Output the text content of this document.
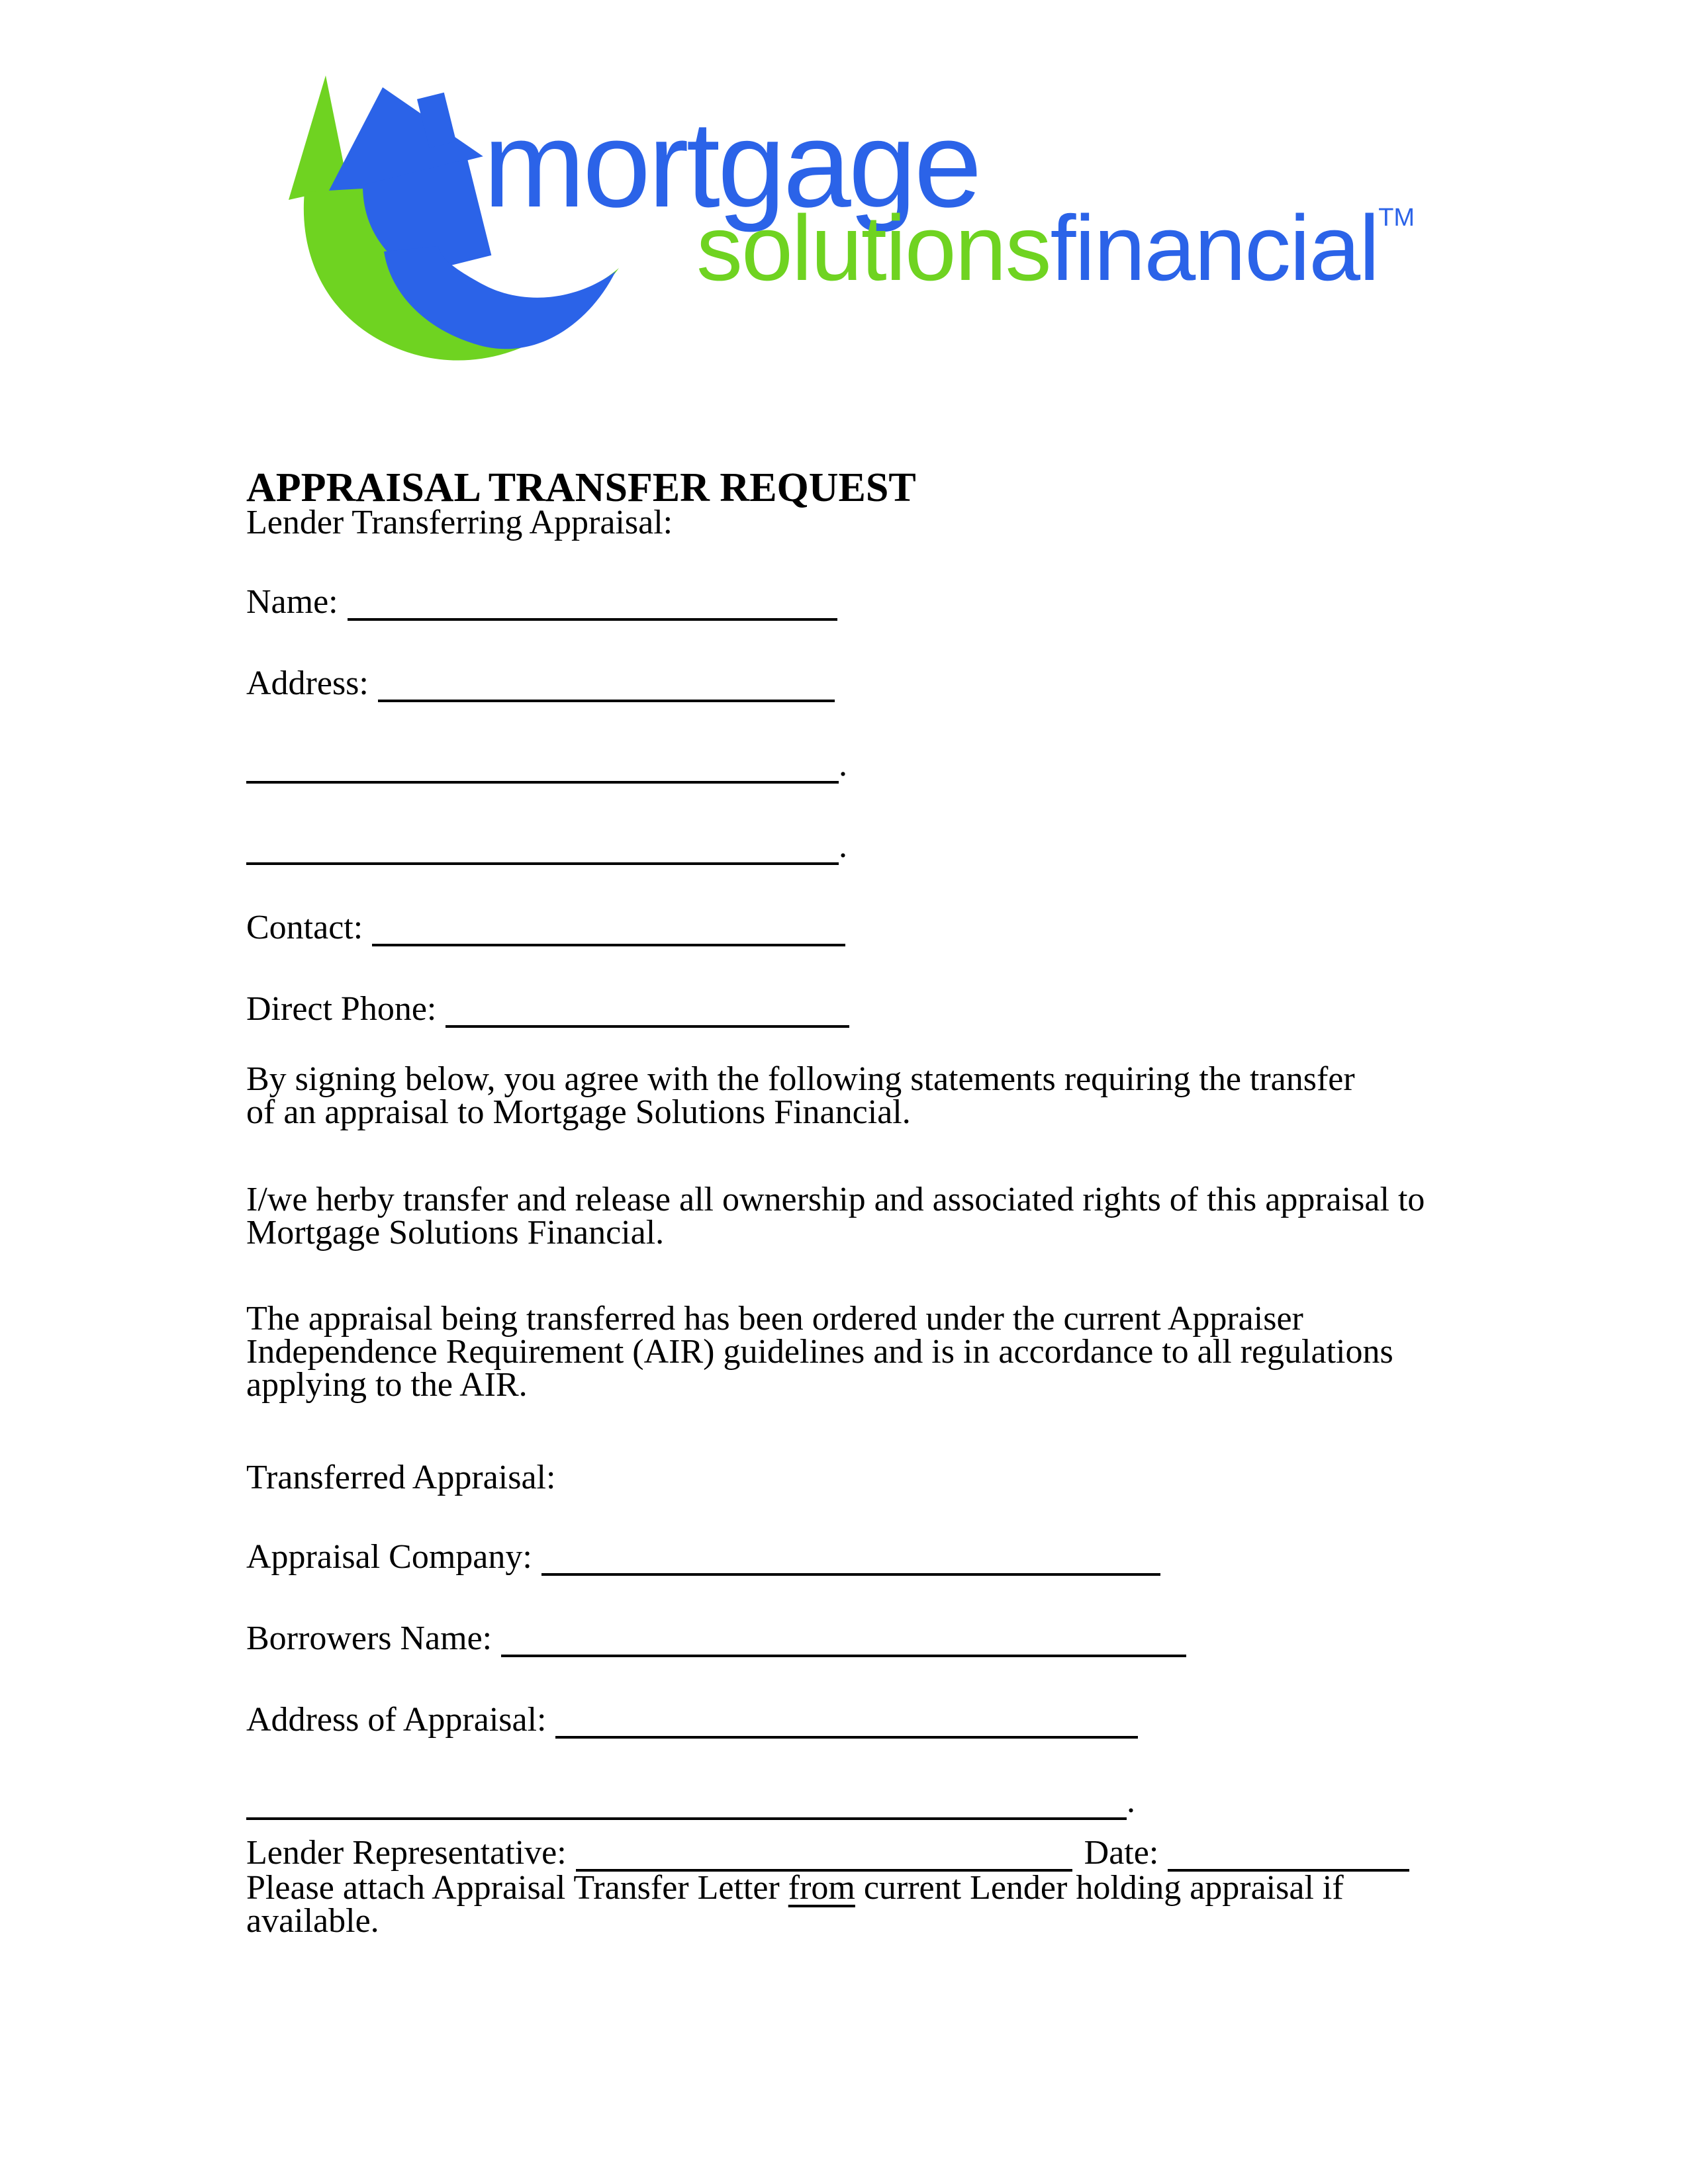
mortgage
solutionsfinancialTM
APPRAISAL TRANSFER REQUEST
Lender Transferring Appraisal:
Name:
Address:
.
.
Contact:
Direct Phone:
By signing below, you agree with the following statements requiring the transfer
of an appraisal to Mortgage Solutions Financial.
I/we herby transfer and release all ownership and associated rights of this appraisal to
Mortgage Solutions Financial.
The appraisal being transferred has been ordered under the current Appraiser
Independence Requirement (AIR) guidelines and is in accordance to all regulations
applying to the AIR.
Transferred Appraisal:
Appraisal Company:
Borrowers Name:
Address of Appraisal:
.
Lender Representative:	Date:
Please attach Appraisal Transfer Letter from current Lender holding appraisal if
available.
